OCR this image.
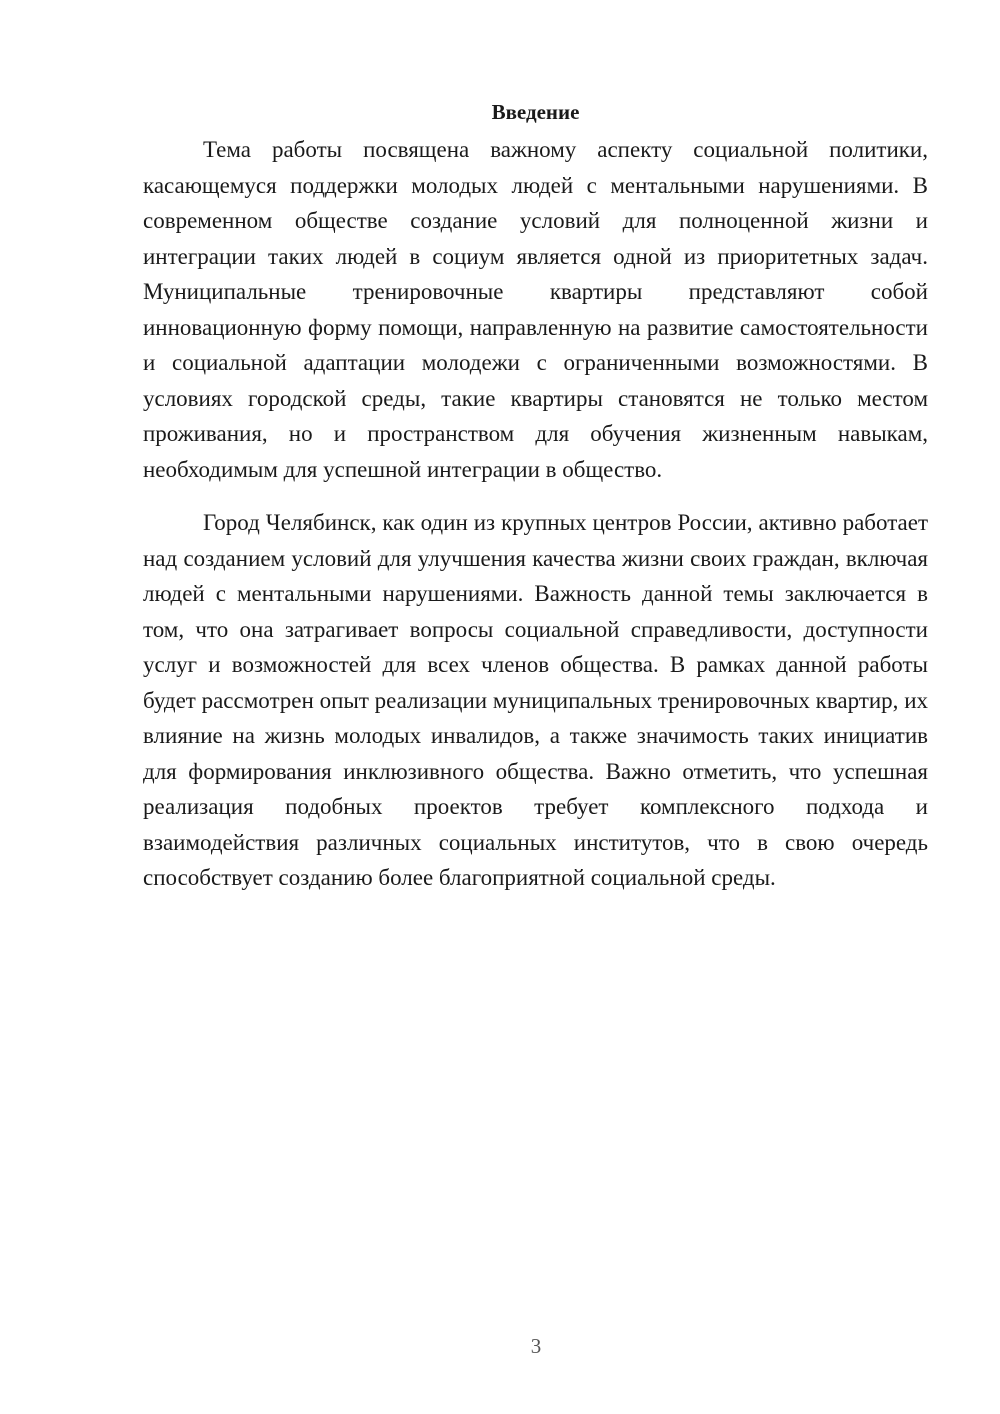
Введение

Тема работы посвящена важному аспекту социальной политики, касающемуся поддержки молодых людей с ментальными нарушениями. В современном обществе создание условий для полноценной жизни и интеграции таких людей в социум является одной из приоритетных задач. Муниципальные тренировочные квартиры представляют собой инновационную форму помощи, направленную на развитие самостоятельности и социальной адаптации молодежи с ограниченными возможностями. В условиях городской среды, такие квартиры становятся не только местом проживания, но и пространством для обучения жизненным навыкам, необходимым для успешной интеграции в общество.

Город Челябинск, как один из крупных центров России, активно работает над созданием условий для улучшения качества жизни своих граждан, включая людей с ментальными нарушениями. Важность данной темы заключается в том, что она затрагивает вопросы социальной справедливости, доступности услуг и возможностей для всех членов общества. В рамках данной работы будет рассмотрен опыт реализации муниципальных тренировочных квартир, их влияние на жизнь молодых инвалидов, а также значимость таких инициатив для формирования инклюзивного общества. Важно отметить, что успешная реализация подобных проектов требует комплексного подхода и взаимодействия различных социальных институтов, что в свою очередь способствует созданию более благоприятной социальной среды.

3
